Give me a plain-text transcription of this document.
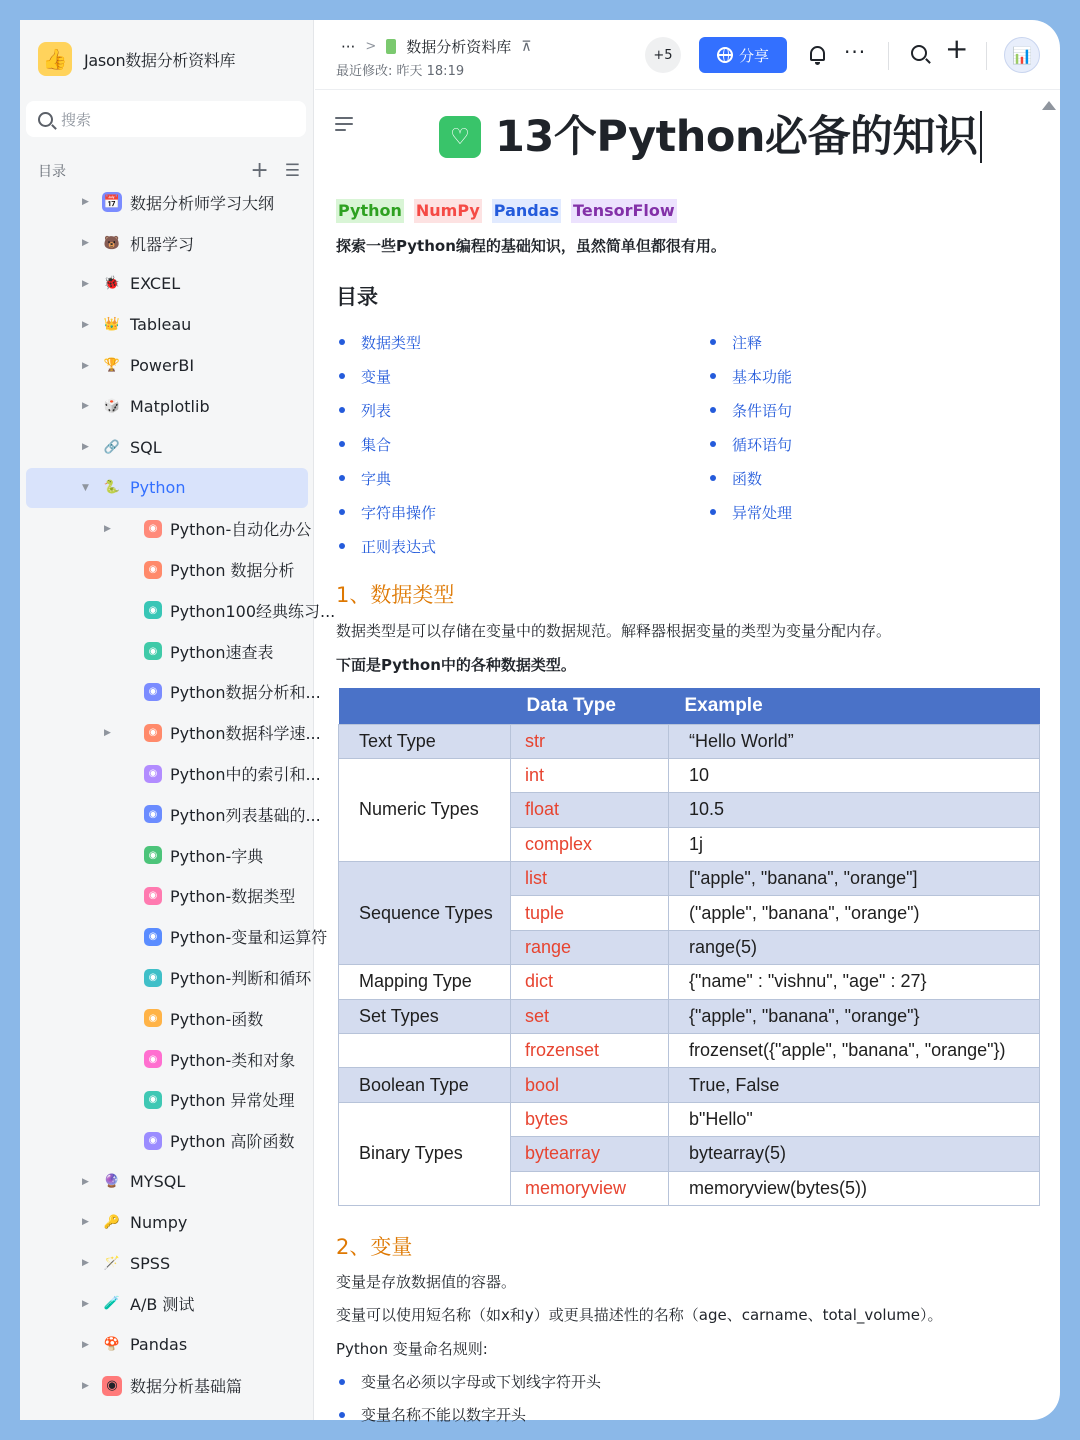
👍 Jason数据分析资料库
搜索
目录	+ ☰
▶ 📅 数据分析师学习大纲
▶ 🐻 机器学习
▶ 🐞 EXCEL
▶ 👑 Tableau
▶ 🏆 PowerBI
▶ 🎲 Matplotlib
▶ 🔗 SQL
▼ 🐍 Python
▶	◉ Python-自动化办公
◉ Python 数据分析
◉ Python100经典练习...
◉ Python速查表
◉ Python数据分析和...
▶	◉ Python数据科学速...
◉ Python中的索引和...
◉ Python列表基础的...
◉ Python-字典
◉ Python-数据类型
◉ Python-变量和运算符
◉ Python-判断和循环
◉ Python-函数
◉ Python-类和对象
◉ Python 异常处理
◉ Python 高阶函数
▶ 🔮 MYSQL
▶ 🔑 Numpy
▶ 🪄 SPSS
▶ 🧪 A/B 测试
▶ 🍄 Pandas
▶	◉ 数据分析基础篇
··· > 数据分析资料库 ⊼
最近修改: 昨天 18:19
+5	分享	···	+	📊
♡ 13个Python必备的知识
Python NumPy Pandas TensorFlow
探索一些Python编程的基础知识，虽然简单但都很有用。
目录
数据类型
变量
列表
集合
字典
字符串操作
正则表达式
注释
基本功能
条件语句
循环语句
函数
异常处理
1、数据类型
数据类型是可以存储在变量中的数据规范。解释器根据变量的类型为变量分配内存。
下面是Python中的各种数据类型。
	Data Type	Example
Text Type	str	“Hello World”
Numeric Types	int	10
	float	10.5
	complex	1j
Sequence Types	list	["apple", "banana", "orange"]
	tuple	("apple", "banana", "orange")
	range	range(5)
Mapping Type	dict	{"name" : "vishnu", "age" : 27}
Set Types	set	{"apple", "banana", "orange"}
	frozenset	frozenset({"apple", "banana", "orange"})
Boolean Type	bool	True, False
Binary Types	bytes	b"Hello"
	bytearray	bytearray(5)
	memoryview	memoryview(bytes(5))
2、变量
变量是存放数据值的容器。
变量可以使用短名称（如x和y）或更具描述性的名称（age、carname、total_volume）。
Python 变量命名规则:
变量名必须以字母或下划线字符开头
变量名称不能以数字开头
